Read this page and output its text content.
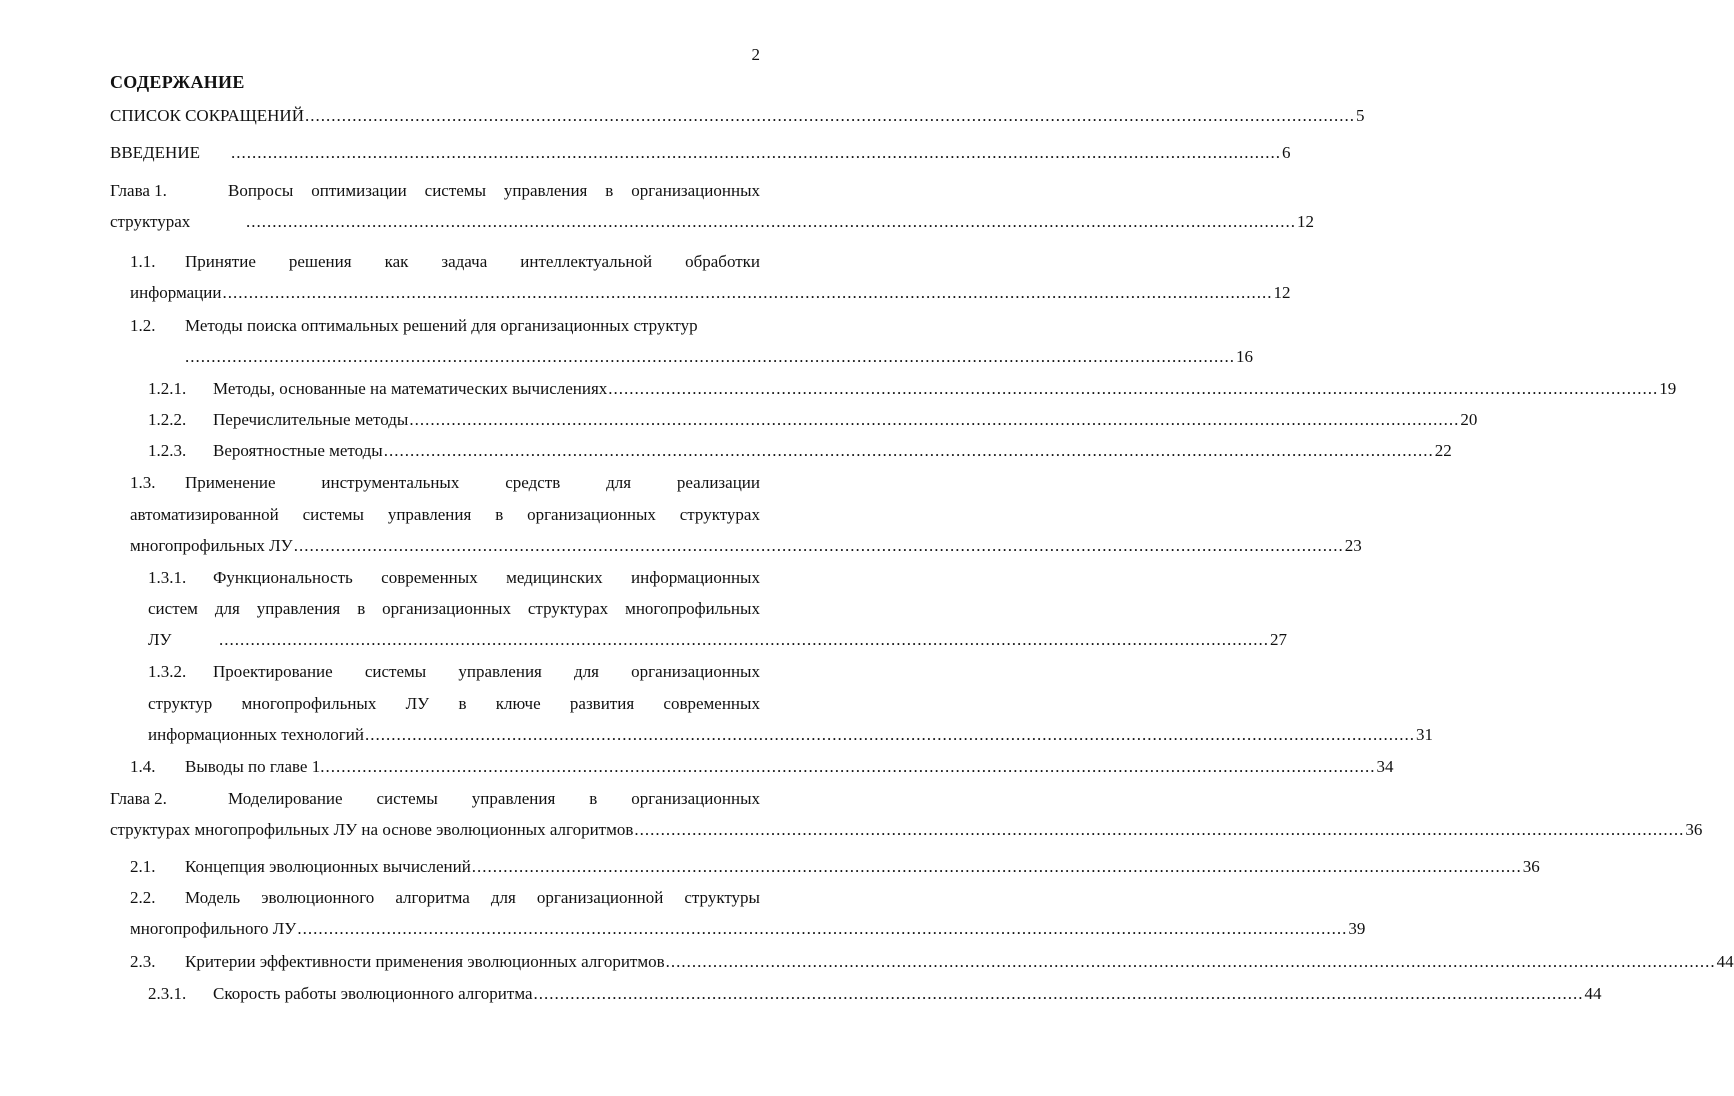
2
СОДЕРЖАНИЕ
СПИСОК СОКРАЩЕНИЙ ........................................................................................................................................................................................................ 5
ВВЕДЕНИЕ	........................................................................................................................................................................................................ 6
Глава 1.	Вопросы оптимизации системы управления в организационных
структурах	........................................................................................................................................................................................................ 12
1.1. Принятие решения как задача интеллектуальной обработки
информации ........................................................................................................................................................................................................ 12
1.2. Методы поиска оптимальных решений для организационных структур
........................................................................................................................................................................................................ 16
1.2.1. Методы, основанные на математических вычислениях ........................................................................................................................................................................................................ 19
1.2.2. Перечислительные методы ........................................................................................................................................................................................................ 20
1.2.3. Вероятностные методы ........................................................................................................................................................................................................ 22
1.3. Применение	инструментальных	средств	для	реализации
автоматизированной системы управления в организационных структурах
многопрофильных ЛУ ........................................................................................................................................................................................................ 23
1.3.1. Функциональность современных медицинских информационных
систем для управления в организационных структурах многопрофильных
ЛУ	........................................................................................................................................................................................................ 27
1.3.2. Проектирование системы управления для организационных
структур многопрофильных ЛУ в ключе развития современных
информационных технологий ........................................................................................................................................................................................................ 31
1.4. Выводы по главе 1. ........................................................................................................................................................................................................ 34
Глава 2.	Моделирование системы управления в организационных
структурах многопрофильных ЛУ на основе эволюционных алгоритмов ........................................................................................................................................................................................................ 36
2.1. Концепция эволюционных вычислений ........................................................................................................................................................................................................ 36
2.2. Модель эволюционного алгоритма для организационной структуры
многопрофильного ЛУ ........................................................................................................................................................................................................ 39
2.3. Критерии эффективности применения эволюционных алгоритмов ........................................................................................................................................................................................................ 44
2.3.1. Скорость работы эволюционного алгоритма ........................................................................................................................................................................................................ 44
